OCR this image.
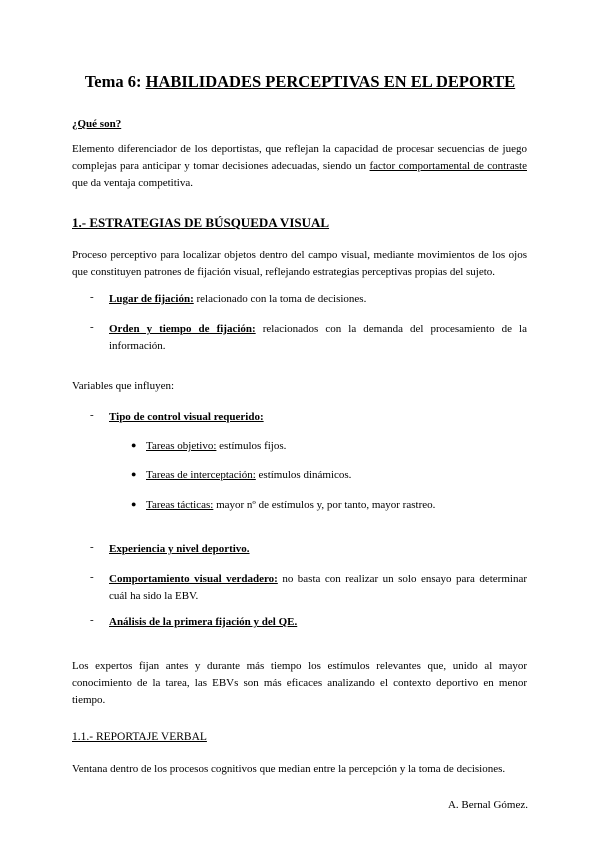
Tema 6: HABILIDADES PERCEPTIVAS EN EL DEPORTE
¿Qué son?
Elemento diferenciador de los deportistas, que reflejan la capacidad de procesar secuencias de juego complejas para anticipar y tomar decisiones adecuadas, siendo un factor comportamental de contraste que da ventaja competitiva.
1.- ESTRATEGIAS DE BÚSQUEDA VISUAL
Proceso perceptivo para localizar objetos dentro del campo visual, mediante movimientos de los ojos que constituyen patrones de fijación visual, reflejando estrategias perceptivas propias del sujeto.
- Lugar de fijación: relacionado con la toma de decisiones.
- Orden y tiempo de fijación: relacionados con la demanda del procesamiento de la información.
Variables que influyen:
- Tipo de control visual requerido:
● Tareas objetivo: estímulos fijos.
● Tareas de interceptación: estímulos dinámicos.
● Tareas tácticas: mayor nº de estímulos y, por tanto, mayor rastreo.
- Experiencia y nivel deportivo.
- Comportamiento visual verdadero: no basta con realizar un solo ensayo para determinar cuál ha sido la EBV.
- Análisis de la primera fijación y del QE.
Los expertos fijan antes y durante más tiempo los estímulos relevantes que, unido al mayor conocimiento de la tarea, las EBVs son más eficaces analizando el contexto deportivo en menor tiempo.
1.1.- REPORTAJE VERBAL
Ventana dentro de los procesos cognitivos que median entre la percepción y la toma de decisiones.
A. Bernal Gómez.
